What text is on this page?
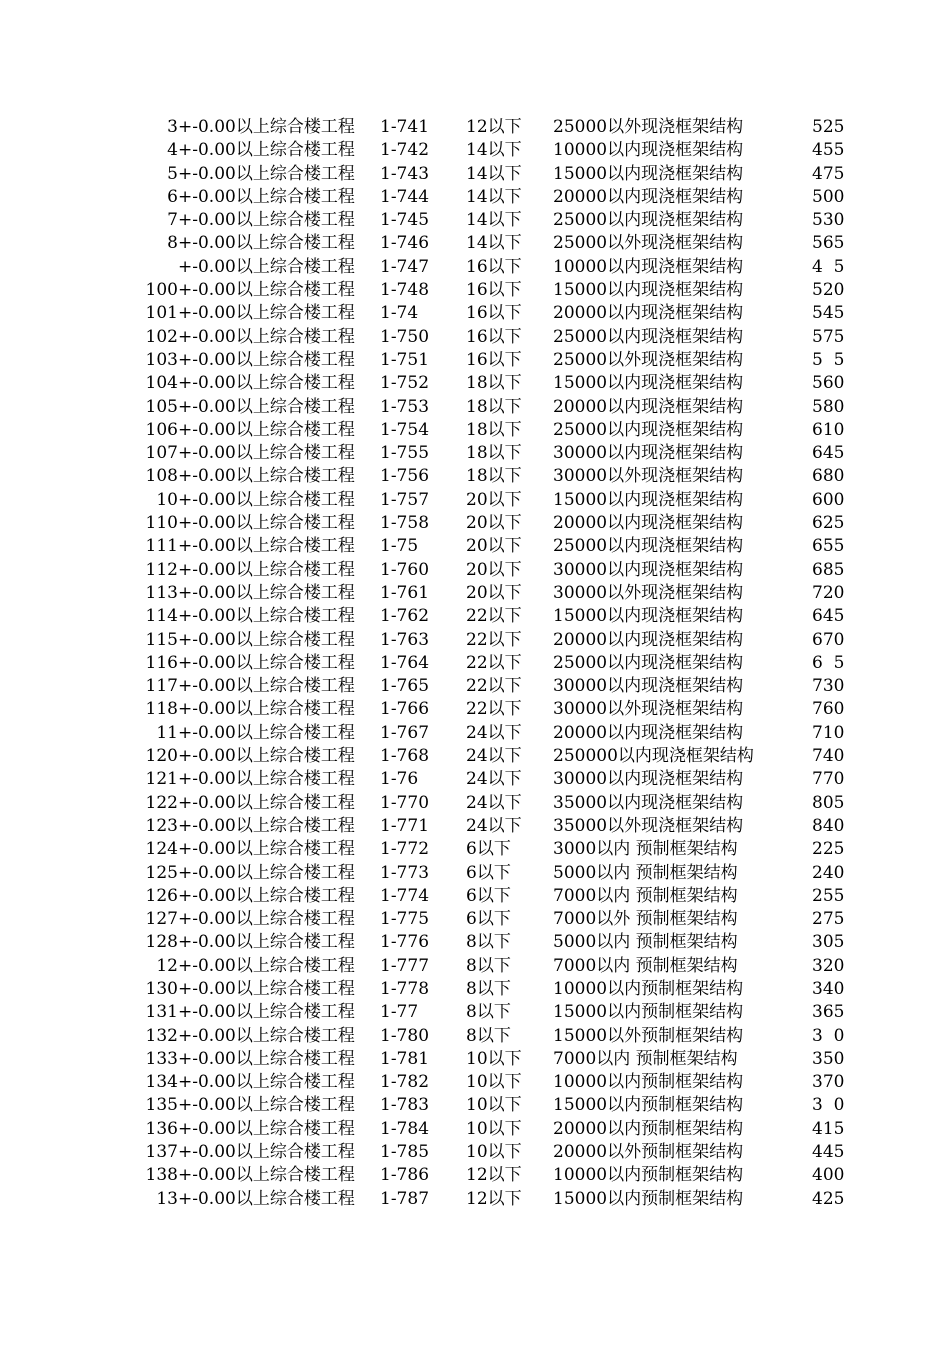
3 +-0.00以上综合楼工程 1-741 12以下 25000以外现浇框架结构	525
4 +-0.00以上综合楼工程 1-742 14以下 10000以内现浇框架结构	455
5 +-0.00以上综合楼工程 1-743 14以下 15000以内现浇框架结构	475
6 +-0.00以上综合楼工程 1-744 14以下 20000以内现浇框架结构	500
7 +-0.00以上综合楼工程 1-745 14以下 25000以内现浇框架结构	530
8 +-0.00以上综合楼工程 1-746 14以下 25000以外现浇框架结构	565
+-0.00以上综合楼工程 1-747 16以下 10000以内现浇框架结构	4  5
100 +-0.00以上综合楼工程 1-748 16以下 15000以内现浇框架结构	520
101 +-0.00以上综合楼工程 1-74	16以下 20000以内现浇框架结构	545
102 +-0.00以上综合楼工程 1-750 16以下 25000以内现浇框架结构	575
103 +-0.00以上综合楼工程 1-751 16以下 25000以外现浇框架结构	5  5
104 +-0.00以上综合楼工程 1-752 18以下 15000以内现浇框架结构	560
105 +-0.00以上综合楼工程 1-753 18以下 20000以内现浇框架结构	580
106 +-0.00以上综合楼工程 1-754 18以下 25000以内现浇框架结构	610
107 +-0.00以上综合楼工程 1-755 18以下 30000以内现浇框架结构	645
108 +-0.00以上综合楼工程 1-756 18以下 30000以外现浇框架结构	680
10 +-0.00以上综合楼工程 1-757 20以下 15000以内现浇框架结构	600
110 +-0.00以上综合楼工程 1-758 20以下 20000以内现浇框架结构	625
111 +-0.00以上综合楼工程 1-75	20以下 25000以内现浇框架结构	655
112 +-0.00以上综合楼工程 1-760 20以下 30000以内现浇框架结构	685
113 +-0.00以上综合楼工程 1-761 20以下 30000以外现浇框架结构	720
114 +-0.00以上综合楼工程 1-762 22以下 15000以内现浇框架结构	645
115 +-0.00以上综合楼工程 1-763 22以下 20000以内现浇框架结构	670
116 +-0.00以上综合楼工程 1-764 22以下 25000以内现浇框架结构	6  5
117 +-0.00以上综合楼工程 1-765 22以下 30000以内现浇框架结构	730
118 +-0.00以上综合楼工程 1-766 22以下 30000以外现浇框架结构	760
11 +-0.00以上综合楼工程 1-767 24以下 20000以内现浇框架结构	710
120 +-0.00以上综合楼工程 1-768 24以下 250000以内现浇框架结构	740
121 +-0.00以上综合楼工程 1-76	24以下 30000以内现浇框架结构	770
122 +-0.00以上综合楼工程 1-770 24以下 35000以内现浇框架结构	805
123 +-0.00以上综合楼工程 1-771 24以下 35000以外现浇框架结构	840
124 +-0.00以上综合楼工程 1-772 6以下 3000以内 预制框架结构	225
125 +-0.00以上综合楼工程 1-773 6以下 5000以内 预制框架结构	240
126 +-0.00以上综合楼工程 1-774 6以下 7000以内 预制框架结构	255
127 +-0.00以上综合楼工程 1-775 6以下 7000以外 预制框架结构	275
128 +-0.00以上综合楼工程 1-776 8以下 5000以内 预制框架结构	305
12 +-0.00以上综合楼工程 1-777 8以下 7000以内 预制框架结构	320
130 +-0.00以上综合楼工程 1-778 8以下 10000以内预制框架结构	340
131 +-0.00以上综合楼工程 1-77	8以下 15000以内预制框架结构	365
132 +-0.00以上综合楼工程 1-780 8以下 15000以外预制框架结构	3  0
133 +-0.00以上综合楼工程 1-781 10以下 7000以内 预制框架结构	350
134 +-0.00以上综合楼工程 1-782 10以下 10000以内预制框架结构	370
135 +-0.00以上综合楼工程 1-783 10以下 15000以内预制框架结构	3  0
136 +-0.00以上综合楼工程 1-784 10以下 20000以内预制框架结构	415
137 +-0.00以上综合楼工程 1-785 10以下 20000以外预制框架结构	445
138 +-0.00以上综合楼工程 1-786 12以下 10000以内预制框架结构	400
13 +-0.00以上综合楼工程 1-787 12以下 15000以内预制框架结构	425
